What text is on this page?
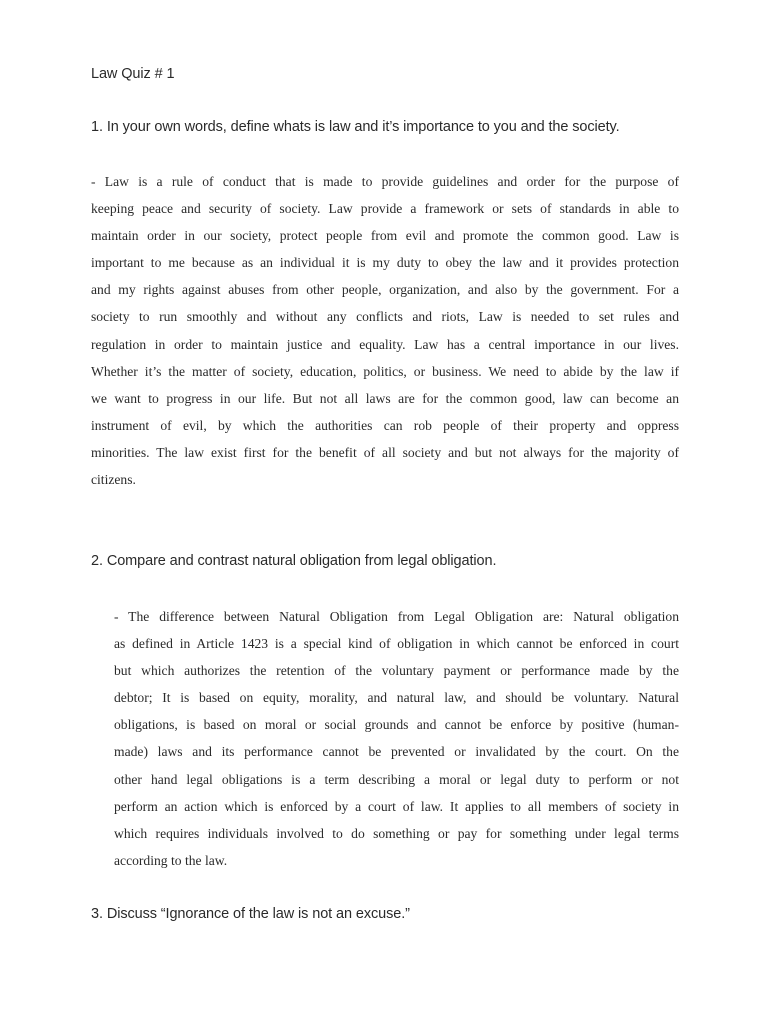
Law Quiz # 1

1. In your own words, define whats is law and it’s importance to you and the society.

- Law is a rule of conduct that is made to provide guidelines and order for the purpose of
keeping peace and security of society. Law provide a framework or sets of standards in able to
maintain order in our society, protect people from evil and promote the common good. Law is
important to me because as an individual it is my duty to obey the law and it provides protection
and my rights against abuses from other people, organization, and also by the government. For a
society to run smoothly and without any conflicts and riots, Law is needed to set rules and
regulation in order to maintain justice and equality. Law has a central importance in our lives.
Whether it’s the matter of society, education, politics, or business. We need to abide by the law if
we want to progress in our life. But not all laws are for the common good, law can become an
instrument of evil, by which the authorities can rob people of their property and oppress
minorities. The law exist first for the benefit of all society and but not always for the majority of
citizens.

2. Compare and contrast natural obligation from legal obligation.

- The difference between Natural Obligation from Legal Obligation are: Natural obligation
as defined in Article 1423 is a special kind of obligation in which cannot be enforced in court
but which authorizes the retention of the voluntary payment or performance made by the
debtor; It is based on equity, morality, and natural law, and should be voluntary. Natural
obligations, is based on moral or social grounds and cannot be enforce by positive (human-
made) laws and its performance cannot be prevented or invalidated by the court. On the
other hand legal obligations is a term describing a moral or legal duty to perform or not
perform an action which is enforced by a court of law. It applies to all members of society in
which requires individuals involved to do something or pay for something under legal terms
according to the law.

3. Discuss “Ignorance of the law is not an excuse.”
